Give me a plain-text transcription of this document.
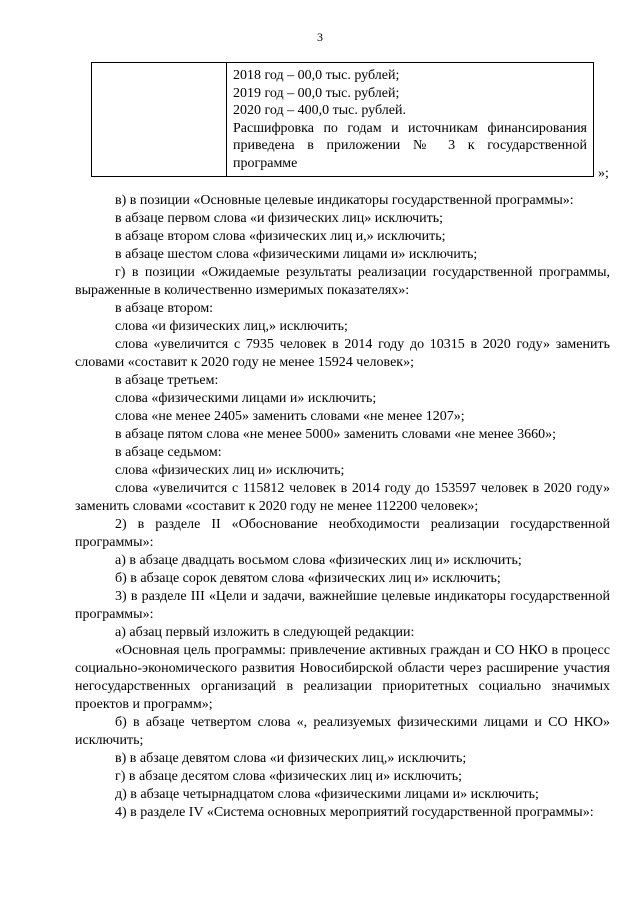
3
2018 год – 00,0 тыс. рублей;
2019 год – 00,0 тыс. рублей;
2020 год – 400,0 тыс. рублей.
Расшифровка по годам и источникам финансирования приведена в приложении № 3 к государственной программе
»;

в) в позиции «Основные целевые индикаторы государственной программы»:

в абзаце первом слова «и физических лиц» исключить;

в абзаце втором слова «физических лиц и,» исключить;

в абзаце шестом слова «физическими лицами и» исключить;

г) в позиции «Ожидаемые результаты реализации государственной программы, выраженные в количественно измеримых показателях»:

в абзаце втором:

слова «и физических лиц,» исключить;

слова «увеличится с 7935 человек в 2014 году до 10315 в 2020 году» заменить словами «составит к 2020 году не менее 15924 человек»;

в абзаце третьем:

слова «физическими лицами и» исключить;

слова «не менее 2405» заменить словами «не менее 1207»;

в абзаце пятом слова «не менее 5000» заменить словами «не менее 3660»;

в абзаце седьмом:

слова «физических лиц и» исключить;

слова «увеличится с 115812 человек в 2014 году до 153597 человек в 2020 году» заменить словами «составит к 2020 году не менее 112200 человек»;

2) в разделе II «Обоснование необходимости реализации государственной программы»:

а) в абзаце двадцать восьмом слова «физических лиц и» исключить;

б) в абзаце сорок девятом слова «физических лиц и» исключить;

3) в разделе III «Цели и задачи, важнейшие целевые индикаторы государственной программы»:

а) абзац первый изложить в следующей редакции:

«Основная цель программы: привлечение активных граждан и СО НКО в процесс социально-экономического развития Новосибирской области через расширение участия негосударственных организаций в реализации приоритетных социально значимых проектов и программ»;

б) в абзаце четвертом слова «, реализуемых физическими лицами и СО НКО» исключить;

в) в абзаце девятом слова «и физических лиц,» исключить;

г) в абзаце десятом слова «физических лиц и» исключить;

д) в абзаце четырнадцатом слова «физическими лицами и» исключить;

4) в разделе IV «Система основных мероприятий государственной программы»:
